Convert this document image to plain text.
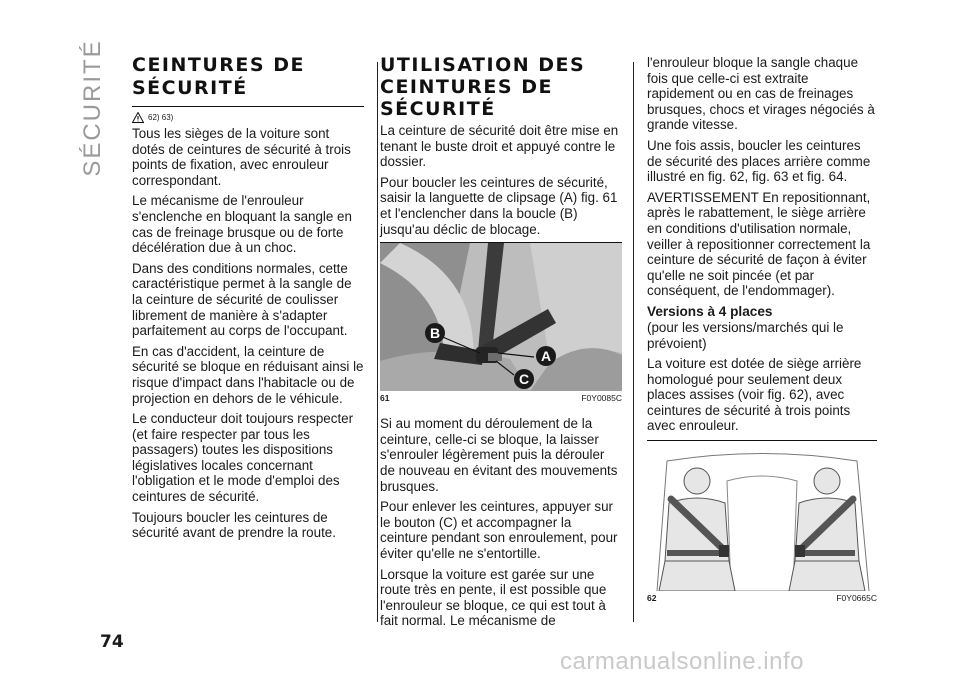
SÉCURITÉ CEINTURES DE
SÉCURITÉ
62) 63)

Tous les sièges de la voiture sont dotés de ceintures de sécurité à trois points de fixation, avec enrouleur correspondant.

Le mécanisme de l'enrouleur s'enclenche en bloquant la sangle en cas de freinage brusque ou de forte décélération due à un choc.

Dans des conditions normales, cette caractéristique permet à la sangle de la ceinture de sécurité de coulisser librement de manière à s'adapter parfaitement au corps de l'occupant.

En cas d'accident, la ceinture de sécurité se bloque en réduisant ainsi le risque d'impact dans l'habitacle ou de projection en dehors de le véhicule.

Le conducteur doit toujours respecter (et faire respecter par tous les passagers) toutes les dispositions législatives locales concernant l'obligation et le mode d'emploi des ceintures de sécurité.

Toujours boucler les ceintures de sécurité avant de prendre la route.

UTILISATION DES
CEINTURES DE
SÉCURITÉ

La ceinture de sécurité doit être mise en tenant le buste droit et appuyé contre le dossier.

Pour boucler les ceintures de sécurité, saisir la languette de clipsage (A) fig. 61 et l'enclencher dans la boucle (B) jusqu'au déclic de blocage.

B
A
C
61	F0Y0085C

Si au moment du déroulement de la ceinture, celle-ci se bloque, la laisser s'enrouler légèrement puis la dérouler de nouveau en évitant des mouvements brusques.

Pour enlever les ceintures, appuyer sur le bouton (C) et accompagner la ceinture pendant son enroulement, pour éviter qu'elle ne s'entortille.

Lorsque la voiture est garée sur une route très en pente, il est possible que l'enrouleur se bloque, ce qui est tout à fait normal. Le mécanisme de

l'enrouleur bloque la sangle chaque fois que celle-ci est extraite rapidement ou en cas de freinages brusques, chocs et virages négociés à grande vitesse.

Une fois assis, boucler les ceintures de sécurité des places arrière comme illustré en fig. 62, fig. 63 et fig. 64.

AVERTISSEMENT En repositionnant, après le rabattement, le siège arrière en conditions d'utilisation normale, veiller à repositionner correctement la ceinture de sécurité de façon à éviter qu'elle ne soit pincée (et par conséquent, de l'endommager).

Versions à 4 places

(pour les versions/marchés qui le prévoient)

La voiture est dotée de siège arrière homologué pour seulement deux places assises (voir fig. 62), avec ceintures de sécurité à trois points avec enrouleur.

62	F0Y0665C
74
carmanualsonline.info
